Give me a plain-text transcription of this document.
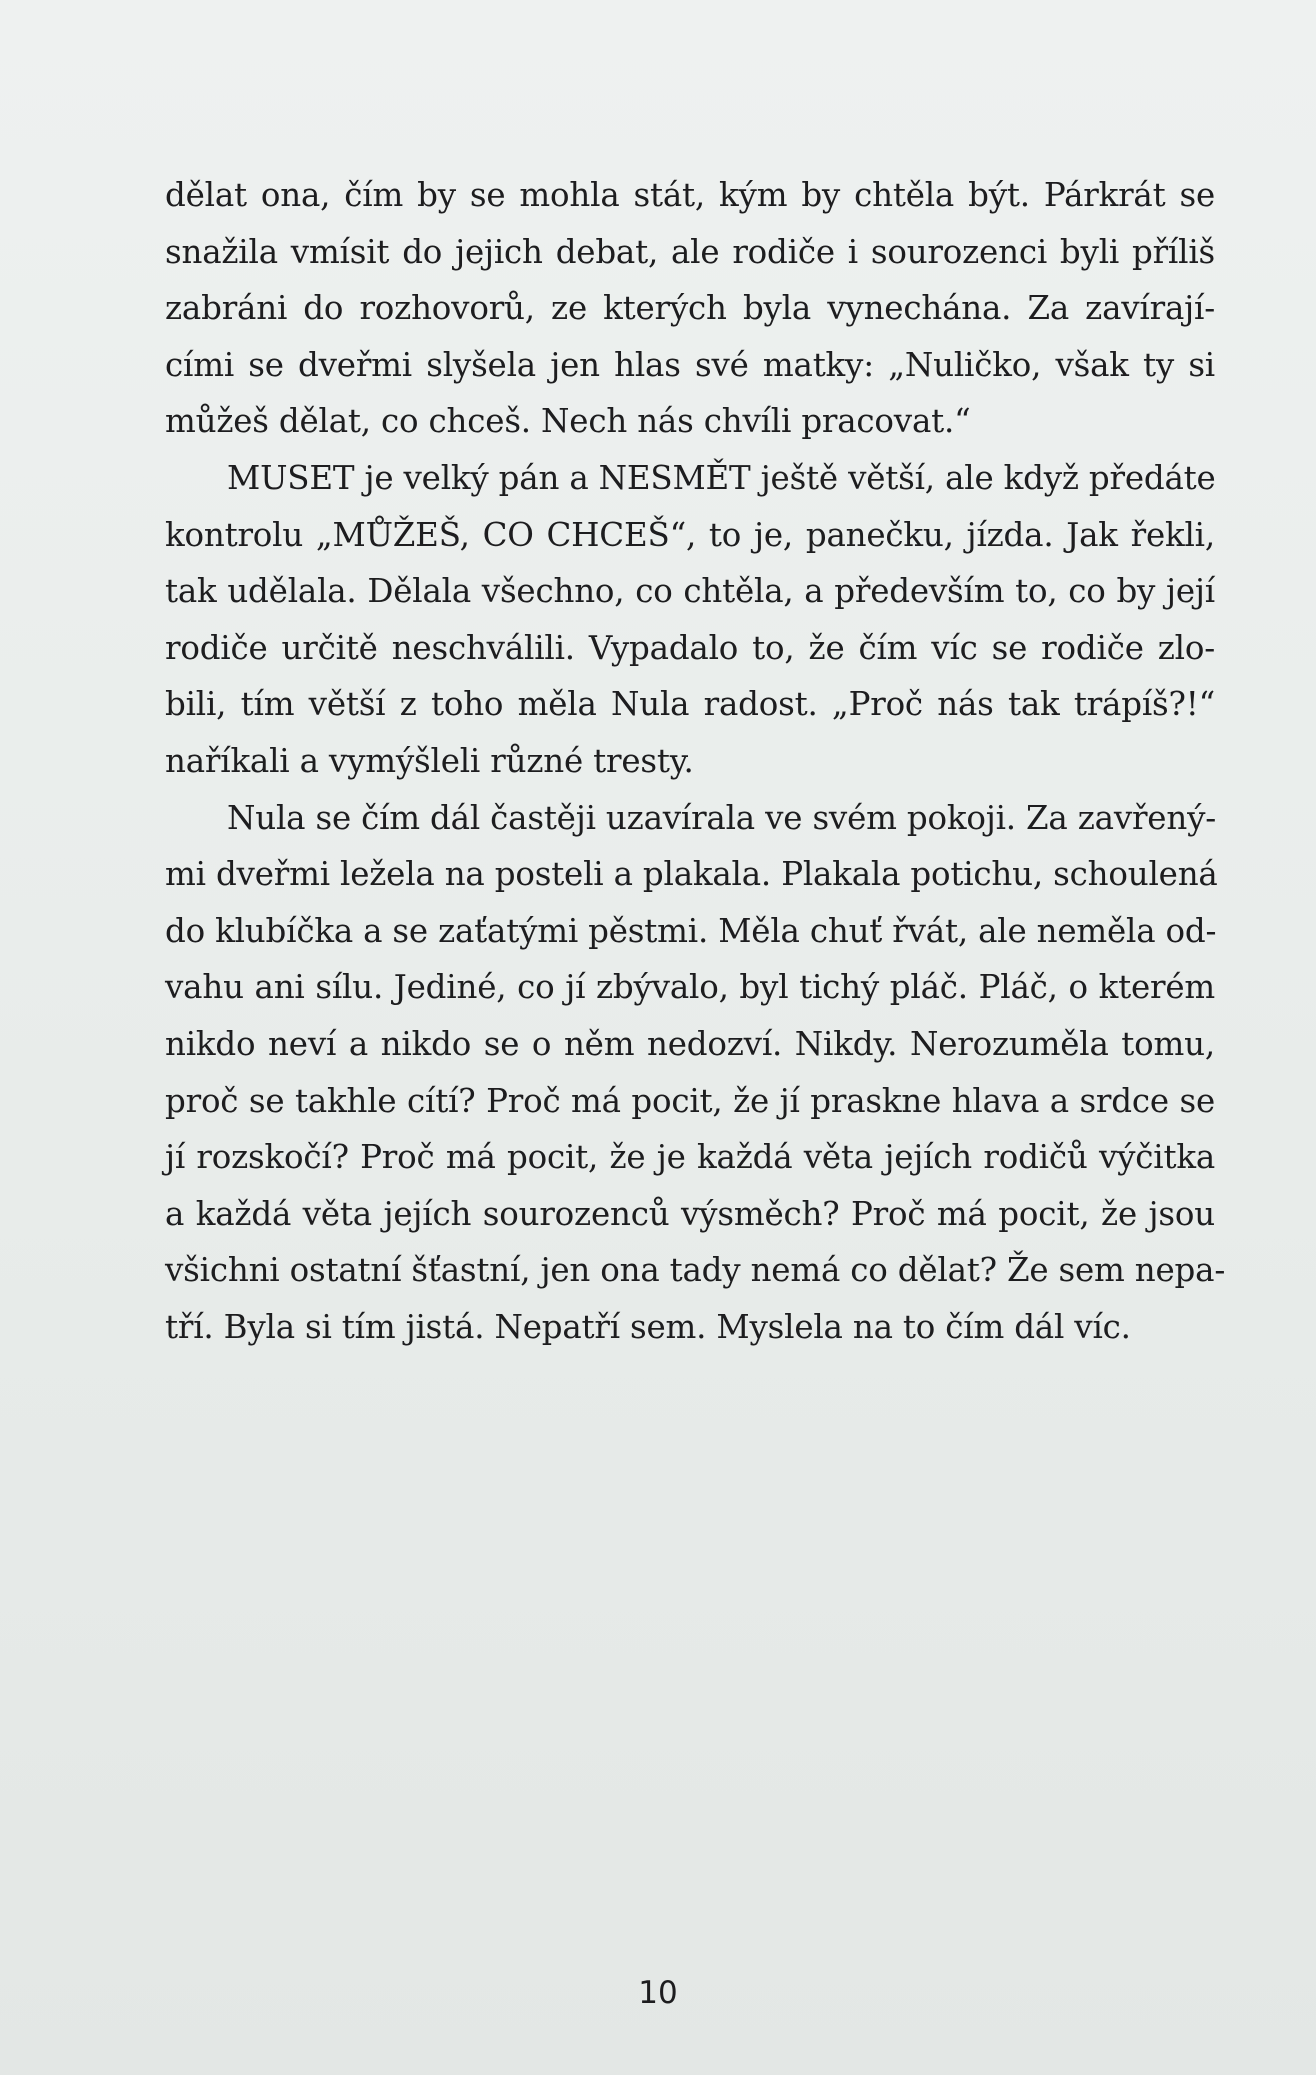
dělat ona, čím by se mohla stát, kým by chtěla být. Párkrát se
snažila vmísit do jejich debat, ale rodiče i sourozenci byli příliš
zabráni do rozhovorů, ze kterých byla vynechána. Za zavírají-
cími se dveřmi slyšela jen hlas své matky: „Nuličko, však ty si
můžeš dělat, co chceš. Nech nás chvíli pracovat.“
MUSET je velký pán a NESMĚT ještě větší, ale když předáte
kontrolu „MŮŽEŠ, CO CHCEŠ“, to je, panečku, jízda. Jak řekli,
tak udělala. Dělala všechno, co chtěla, a především to, co by její
rodiče určitě neschválili. Vypadalo to, že čím víc se rodiče zlo-
bili, tím větší z toho měla Nula radost. „Proč nás tak trápíš?!“
naříkali a vymýšleli různé tresty.
Nula se čím dál častěji uzavírala ve svém pokoji. Za zavřený-
mi dveřmi ležela na posteli a plakala. Plakala potichu, schoulená
do klubíčka a se zaťatými pěstmi. Měla chuť řvát, ale neměla od-
vahu ani sílu. Jediné, co jí zbývalo, byl tichý pláč. Pláč, o kterém
nikdo neví a nikdo se o něm nedozví. Nikdy. Nerozuměla tomu,
proč se takhle cítí? Proč má pocit, že jí praskne hlava a srdce se
jí rozskočí? Proč má pocit, že je každá věta jejích rodičů výčitka
a každá věta jejích sourozenců výsměch? Proč má pocit, že jsou
všichni ostatní šťastní, jen ona tady nemá co dělat? Že sem nepa-
tří. Byla si tím jistá. Nepatří sem. Myslela na to čím dál víc.
10
